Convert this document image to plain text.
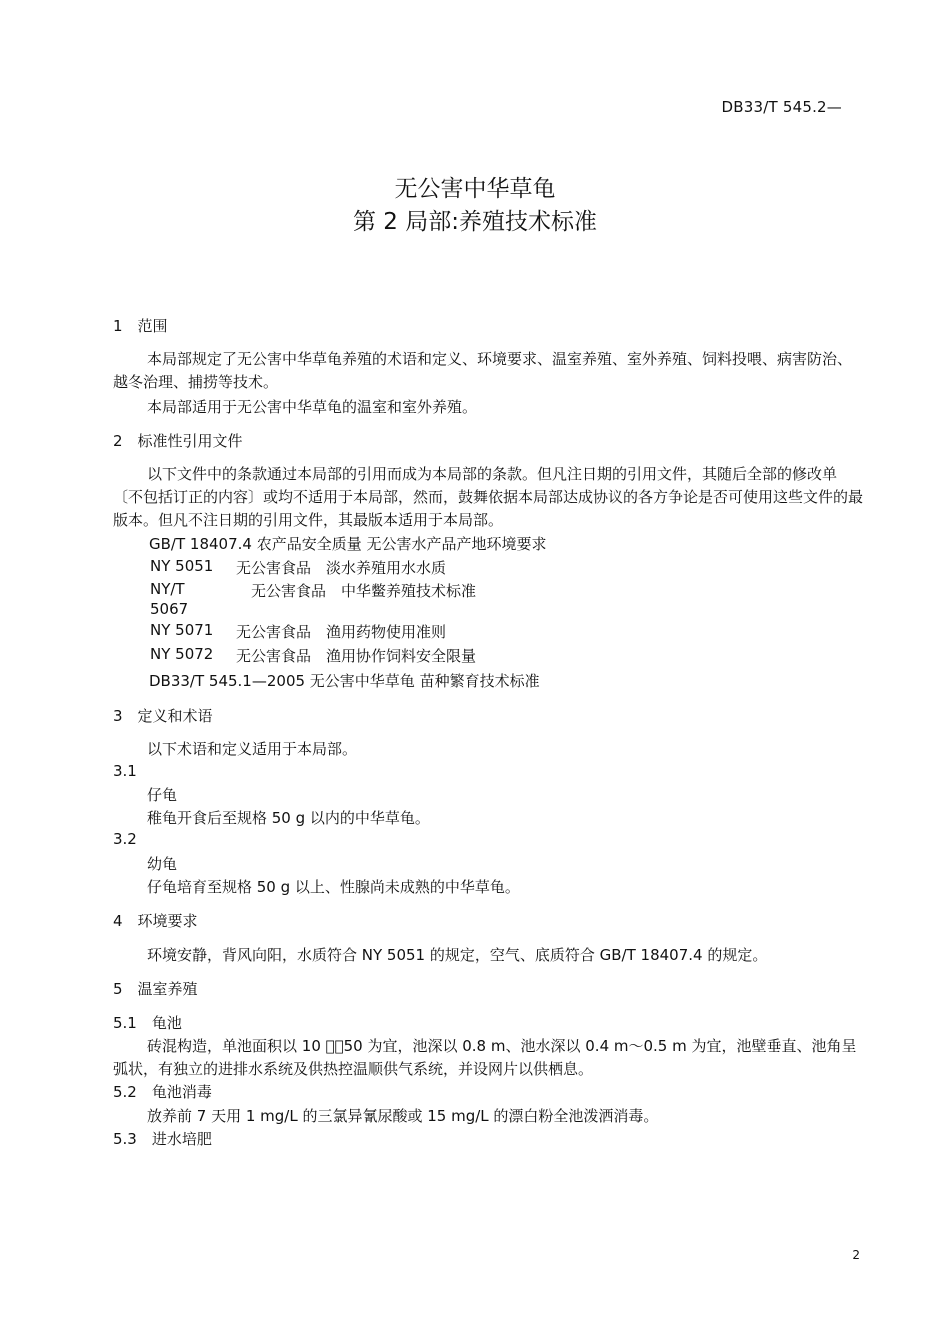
DB33/T 545.2—
无公害中华草龟
第 2 局部:养殖技术标准
1　范围
本局部规定了无公害中华草龟养殖的术语和定义、环境要求、温室养殖、室外养殖、饲料投喂、病害防治、越冬治理、捕捞等技术。
本局部适用于无公害中华草龟的温室和室外养殖。
2　标准性引用文件
以下文件中的条款通过本局部的引用而成为本局部的条款。但凡注日期的引用文件，其随后全部的修改单〔不包括订正的内容〕或均不适用于本局部，然而，鼓舞依据本局部达成协议的各方争论是否可使用这些文件的最版本。但凡不注日期的引用文件，其最版本适用于本局部。
GB/T 18407.4 农产品安全质量 无公害水产品产地环境要求
NY 5051 无公害食品　淡水养殖用水水质
NY/T
5067
无公害食品　中华鳖养殖技术标准
NY 5071 无公害食品　渔用药物使用准则
NY 5072 无公害食品　渔用协作饲料安全限量
DB33/T 545.1—2005 无公害中华草龟 苗种繁育技术标准
3　定义和术语
以下术语和定义适用于本局部。
3.1
仔龟
稚龟开食后至规格 50 g 以内的中华草龟。
3.2
幼龟
仔龟培育至规格 50 g 以上、性腺尚未成熟的中华草龟。
4　环境要求
环境安静，背风向阳，水质符合 NY 5051 的规定，空气、底质符合 GB/T 18407.4 的规定。
5　温室养殖
5.1　龟池
砖混构造，单池面积以 10 􏰀～50 为宜，池深以 0.8 m、池水深以 0.4 m～0.5 m 为宜，池壁垂直、池角呈弧状，有独立的进排水系统及供热控温顺供气系统，并设网片以供栖息。
5.2　龟池消毒
放养前 7 天用 1 mg/L 的三氯异氰尿酸或 15 mg/L 的漂白粉全池泼洒消毒。
5.3　进水培肥
2
